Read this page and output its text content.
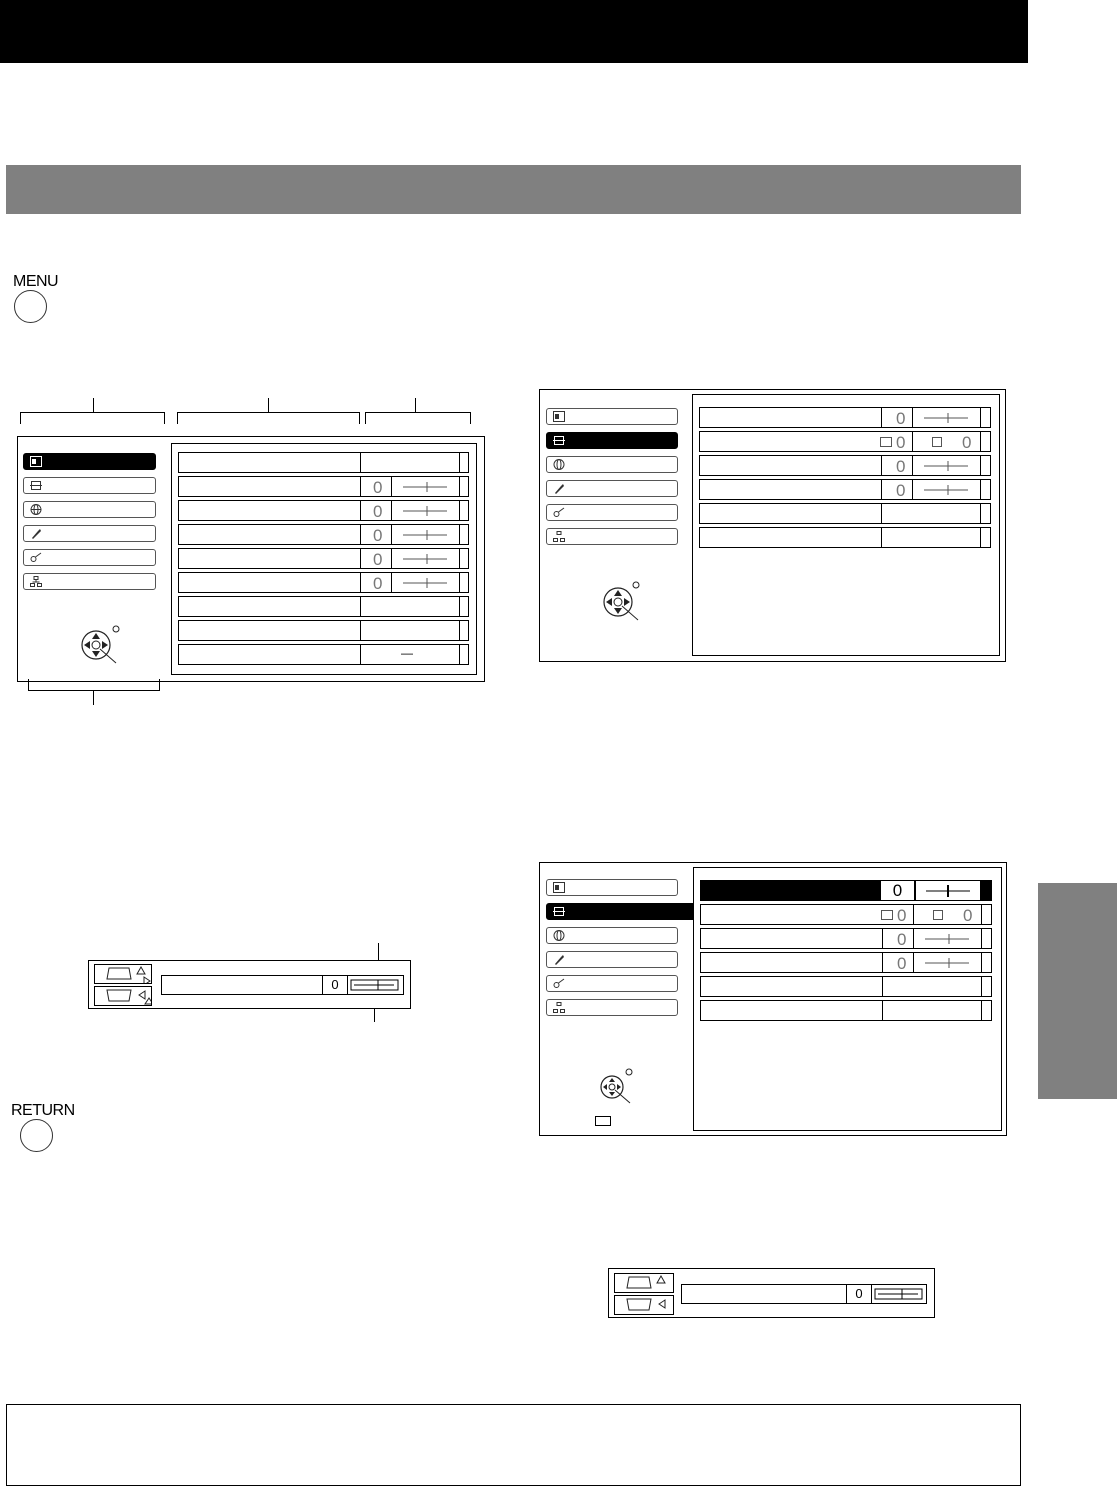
MENU
RETURN
0
0
0
0
0
—
0
0	0
0
0
0
0
0	0
0
0
0
